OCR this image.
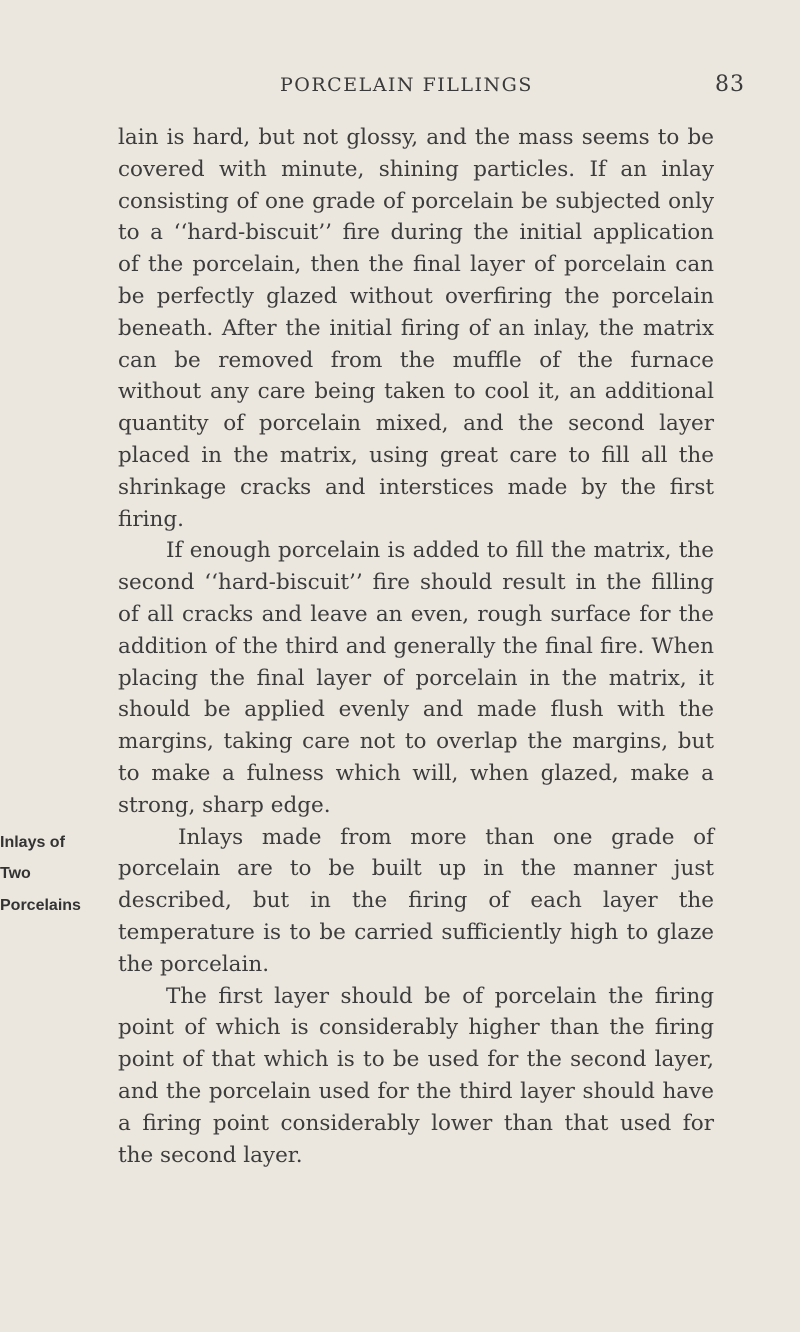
PORCELAIN FILLINGS	83

lain is hard, but not glossy, and the mass seems to be covered with minute, shining particles. If an inlay consisting of one grade of porcelain be subjected only to a ‘‘hard-biscuit’’ fire during the initial application of the porcelain, then the final layer of porcelain can be perfectly glazed without overfiring the porcelain beneath. After the initial firing of an inlay, the matrix can be removed from the muffle of the furnace without any care being taken to cool it, an additional quantity of porcelain mixed, and the second layer placed in the matrix, using great care to fill all the shrinkage cracks and interstices made by the first firing.

If enough porcelain is added to fill the matrix, the second ‘‘hard-biscuit’’ fire should result in the filling of all cracks and leave an even, rough surface for the addition of the third and generally the final fire. When placing the final layer of porcelain in the matrix, it should be applied evenly and made flush with the margins, taking care not to overlap the margins, but to make a fulness which will, when glazed, make a strong, sharp edge.

Inlays of
Two
Porcelains

Inlays made from more than one grade of porcelain are to be built up in the manner just described, but in the firing of each layer the temperature is to be carried sufficiently high to glaze the porcelain.

The first layer should be of porcelain the firing point of which is considerably higher than the firing point of that which is to be used for the second layer, and the porcelain used for the third layer should have a firing point considerably lower than that used for the second layer.
